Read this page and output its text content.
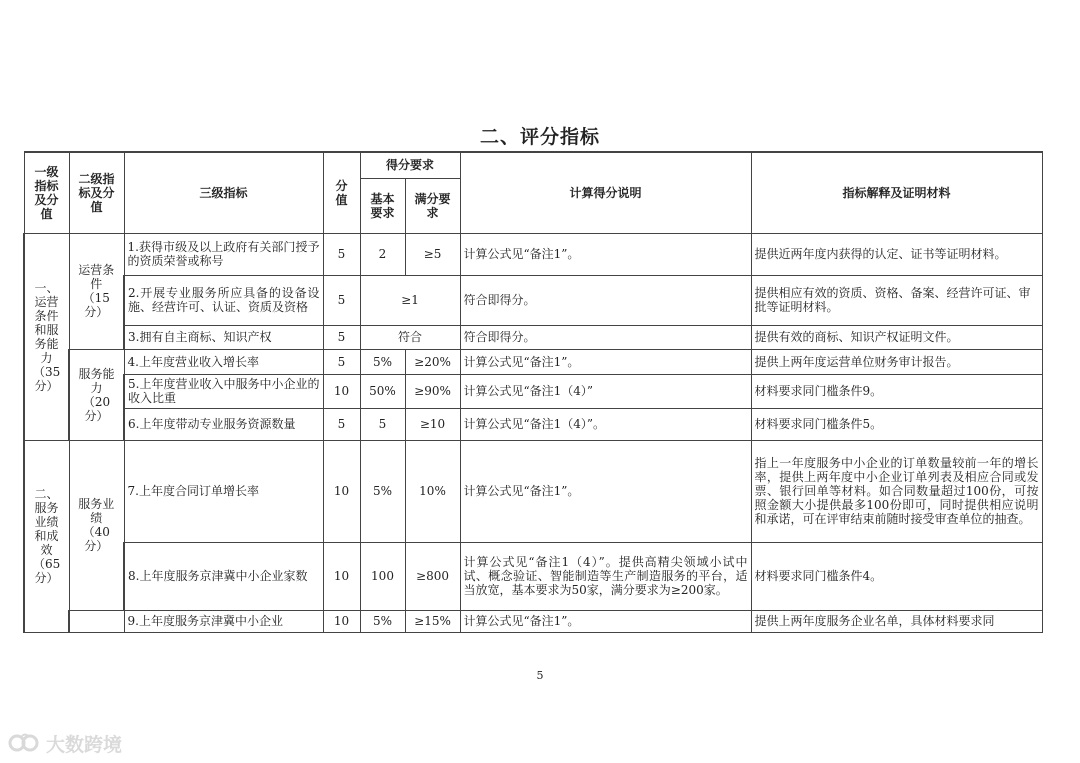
二、评分指标
一级指标及分值	二级指标及分值	三级指标	分值	得分要求		计算得分说明	指标解释及证明材料
				基本要求	满分要求		
一、运营条件和服务能力（35分）	运营条件（15分）	1.获得市级及以上政府有关部门授予的资质荣誉或称号	5	2	≥5	计算公式见“备注1”。	提供近两年度内获得的认定、证书等证明材料。
		2.开展专业服务所应具备的设备设施、经营许可、认证、资质及资格	5	≥1		符合即得分。	提供相应有效的资质、资格、备案、经营许可证、审批等证明材料。
		3.拥有自主商标、知识产权	5	符合		符合即得分。	提供有效的商标、知识产权证明文件。
	服务能力（20分）	4.上年度营业收入增长率	5	5%	≥20%	计算公式见“备注1”。	提供上两年度运营单位财务审计报告。
		5.上年度营业收入中服务中小企业的收入比重	10	50%	≥90%	计算公式见“备注1（4）”	材料要求同门槛条件9。
		6.上年度带动专业服务资源数量	5	5	≥10	计算公式见“备注1（4）”。	材料要求同门槛条件5。
二、服务业绩和成效（65分）	服务业绩（40分）	7.上年度合同订单增长率	10	5%	10%	计算公式见“备注1”。	指上一年度服务中小企业的订单数量较前一年的增长率，提供上两年度中小企业订单列表及相应合同或发票、银行回单等材料。如合同数量超过100份，可按照金额大小提供最多100份即可，同时提供相应说明和承诺，可在评审结束前随时接受审查单位的抽查。
		8.上年度服务京津冀中小企业家数	10	100	≥800	计算公式见“备注1（4）”。提供高精尖领域小试中试、概念验证、智能制造等生产制造服务的平台，适当放宽，基本要求为50家，满分要求为≥200家。	材料要求同门槛条件4。
		9.上年度服务京津冀中小企业	10	5%	≥15%	计算公式见“备注1”。	提供上两年度服务企业名单，具体材料要求同
5
大数跨境
